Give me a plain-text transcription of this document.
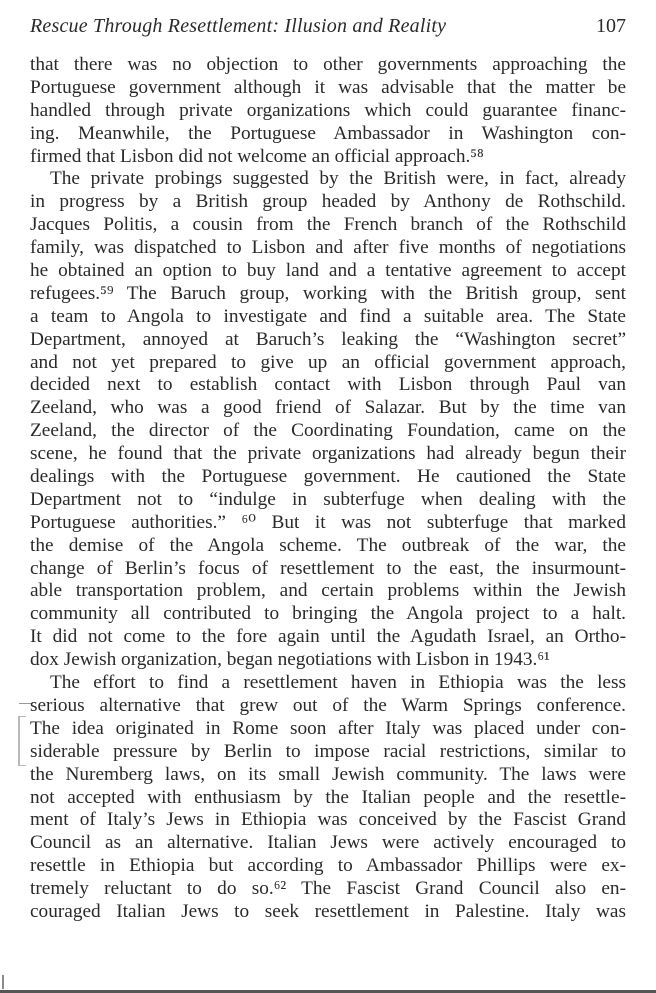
Rescue Through Resettlement: Illusion and Reality	107
that there was no objection to other governments approaching the
Portuguese government although it was advisable that the matter be
handled through private organizations which could guarantee financ-
ing. Meanwhile, the Portuguese Ambassador in Washington con-
firmed that Lisbon did not welcome an official approach.⁵⁸
The private probings suggested by the British were, in fact, already
in progress by a British group headed by Anthony de Rothschild.
Jacques Politis, a cousin from the French branch of the Rothschild
family, was dispatched to Lisbon and after five months of negotiations
he obtained an option to buy land and a tentative agreement to accept
refugees.⁵⁹ The Baruch group, working with the British group, sent
a team to Angola to investigate and find a suitable area. The State
Department, annoyed at Baruch’s leaking the “Washington secret”
and not yet prepared to give up an official government approach,
decided next to establish contact with Lisbon through Paul van
Zeeland, who was a good friend of Salazar. But by the time van
Zeeland, the director of the Coordinating Foundation, came on the
scene, he found that the private organizations had already begun their
dealings with the Portuguese government. He cautioned the State
Department not to “indulge in subterfuge when dealing with the
Portuguese authorities.” ⁶⁰ But it was not subterfuge that marked
the demise of the Angola scheme. The outbreak of the war, the
change of Berlin’s focus of resettlement to the east, the insurmount-
able transportation problem, and certain problems within the Jewish
community all contributed to bringing the Angola project to a halt.
It did not come to the fore again until the Agudath Israel, an Ortho-
dox Jewish organization, began negotiations with Lisbon in 1943.⁶¹
The effort to find a resettlement haven in Ethiopia was the less
serious alternative that grew out of the Warm Springs conference.
The idea originated in Rome soon after Italy was placed under con-
siderable pressure by Berlin to impose racial restrictions, similar to
the Nuremberg laws, on its small Jewish community. The laws were
not accepted with enthusiasm by the Italian people and the resettle-
ment of Italy’s Jews in Ethiopia was conceived by the Fascist Grand
Council as an alternative. Italian Jews were actively encouraged to
resettle in Ethiopia but according to Ambassador Phillips were ex-
tremely reluctant to do so.⁶² The Fascist Grand Council also en-
couraged Italian Jews to seek resettlement in Palestine. Italy was
